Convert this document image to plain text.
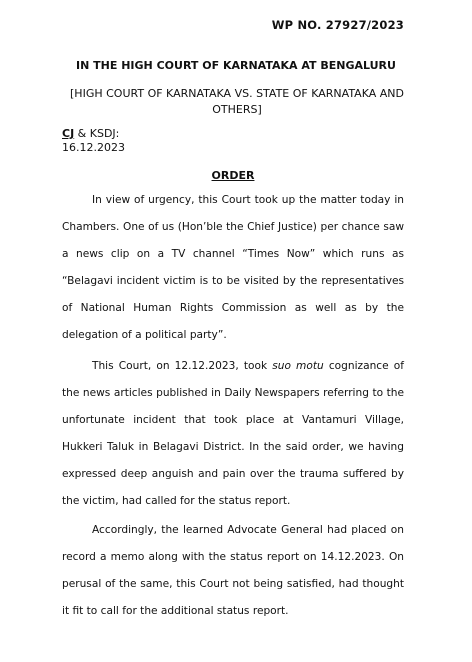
WP NO. 27927/2023
IN THE HIGH COURT OF KARNATAKA AT BENGALURU
[HIGH COURT OF KARNATAKA VS. STATE OF KARNATAKA AND OTHERS]
CJ & KSDJ:
16.12.2023
ORDER

In view of urgency, this Court took up the matter today in Chambers. One of us (Hon’ble the Chief Justice) per chance saw a news clip on a TV channel “Times Now” which runs as “Belagavi incident victim is to be visited by the representatives of National Human Rights Commission as well as by the delegation of a political party”.

This Court, on 12.12.2023, took suo motu cognizance of the news articles published in Daily Newspapers referring to the unfortunate incident that took place at Vantamuri Village, Hukkeri Taluk in Belagavi District. In the said order, we having expressed deep anguish and pain over the trauma suffered by the victim, had called for the status report.

Accordingly, the learned Advocate General had placed on record a memo along with the status report on 14.12.2023. On perusal of the same, this Court not being satisfied, had thought it fit to call for the additional status report.
